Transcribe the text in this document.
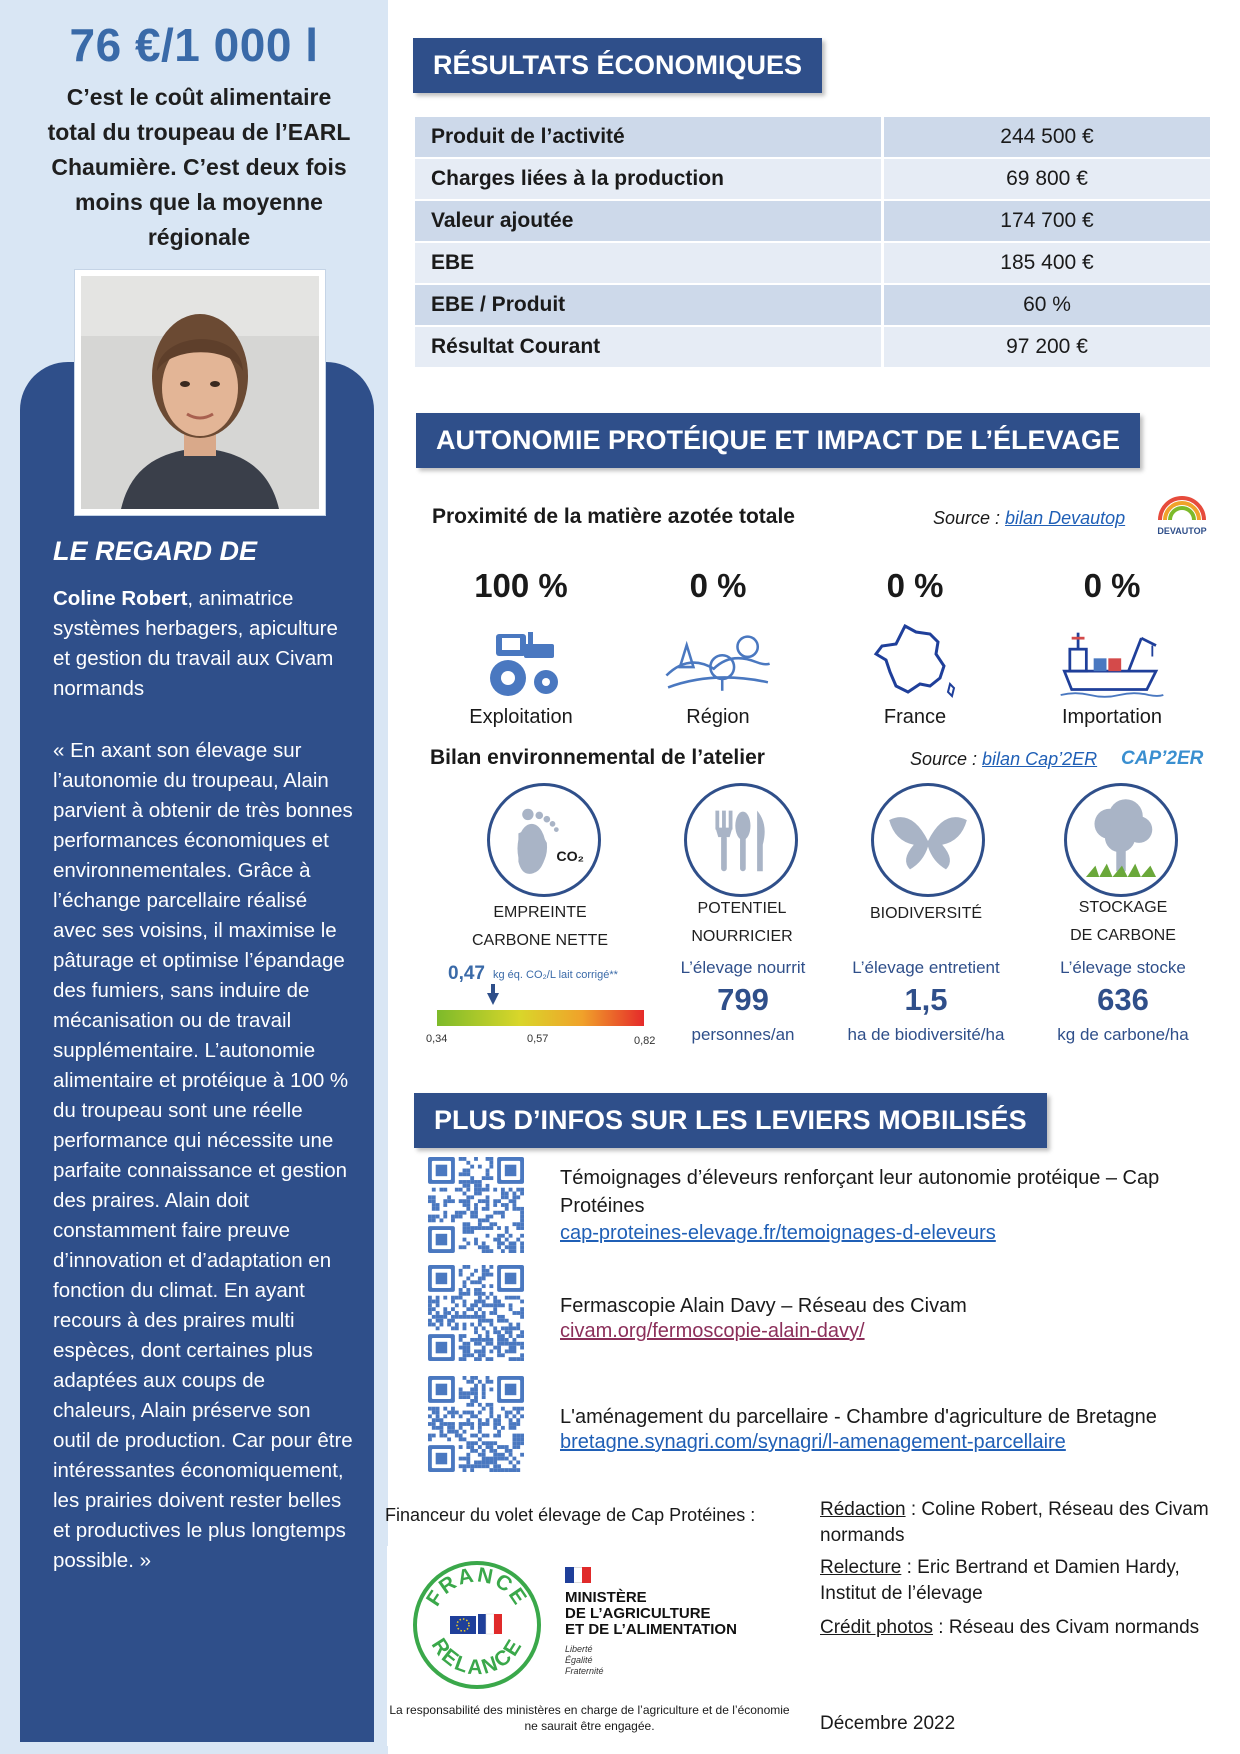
76 €/1 000 l
C’est le coût alimentaire total du troupeau de l’EARL Chaumière. C’est deux fois moins que la moyenne régionale
LE REGARD DE
Coline Robert, animatrice systèmes herbagers, apiculture et gestion du travail aux Civam normands
« En axant son élevage sur l’autonomie du troupeau, Alain parvient à obtenir de très bonnes performances économiques et environnementales. Grâce à l’échange parcellaire réalisé avec ses voisins, il maximise le pâturage et optimise l’épandage des fumiers, sans induire de mécanisation ou de travail supplémentaire. L’autonomie alimentaire et protéique à 100 % du troupeau sont une réelle performance qui nécessite une parfaite connaissance et gestion des praires. Alain doit constamment faire preuve d’innovation et d’adaptation en fonction du climat. En ayant recours à des praires multi espèces, dont certaines plus adaptées aux coups de chaleurs, Alain préserve son outil de production. Car pour être intéressantes économiquement, les prairies doivent rester belles et productives le plus longtemps possible. »
RÉSULTATS ÉCONOMIQUES
Produit de l’activité	244 500 €
Charges liées à la production	69 800 €
Valeur ajoutée	174 700 €
EBE	185 400 €
EBE / Produit	60 %
Résultat Courant	97 200 €
AUTONOMIE PROTÉIQUE ET IMPACT DE L’ÉLEVAGE
Proximité de la matière azotée totale	Source : bilan Devautop
DEVAUTOP
100 %
Exploitation
0 %
Région
0 %
France
0 %
Importation
Bilan environnemental de l’atelier	Source : bilan Cap’2ER CAP’2ER
CO₂
EMPREINTE
CARBONE NETTE
POTENTIEL
NOURRICIER
BIODIVERSITÉ	STOCKAGE
DE CARBONE
0,47 kg éq. CO₂/L lait corrigé**
0,34	0,57	0,82
L’élevage nourrit
799
personnes/an
L’élevage entretient
1,5
ha de biodiversité/ha
L’élevage stocke
636
kg de carbone/ha
PLUS D’INFOS SUR LES LEVIERS MOBILISÉS
Témoignages d’éleveurs renforçant leur autonomie protéique – Cap Protéines
cap-proteines-elevage.fr/temoignages-d-eleveurs
Fermascopie Alain Davy – Réseau des Civam
civam.org/fermoscopie-alain-davy/
L'aménagement du parcellaire - Chambre d'agriculture de Bretagne
bretagne.synagri.com/synagri/l-amenagement-parcellaire
Financeur du volet élevage de Cap Protéines :
FRANCE
RELANCE
MINISTÈRE
DE L’AGRICULTURE
ET DE L’ALIMENTATION
Liberté
Égalité
Fraternité
La responsabilité des ministères en charge de l’agriculture et de l’économie ne saurait être engagée.
Rédaction : Coline Robert, Réseau des Civam normands
Relecture : Eric Bertrand et Damien Hardy, Institut de l’élevage
Crédit photos : Réseau des Civam normands
Décembre 2022
